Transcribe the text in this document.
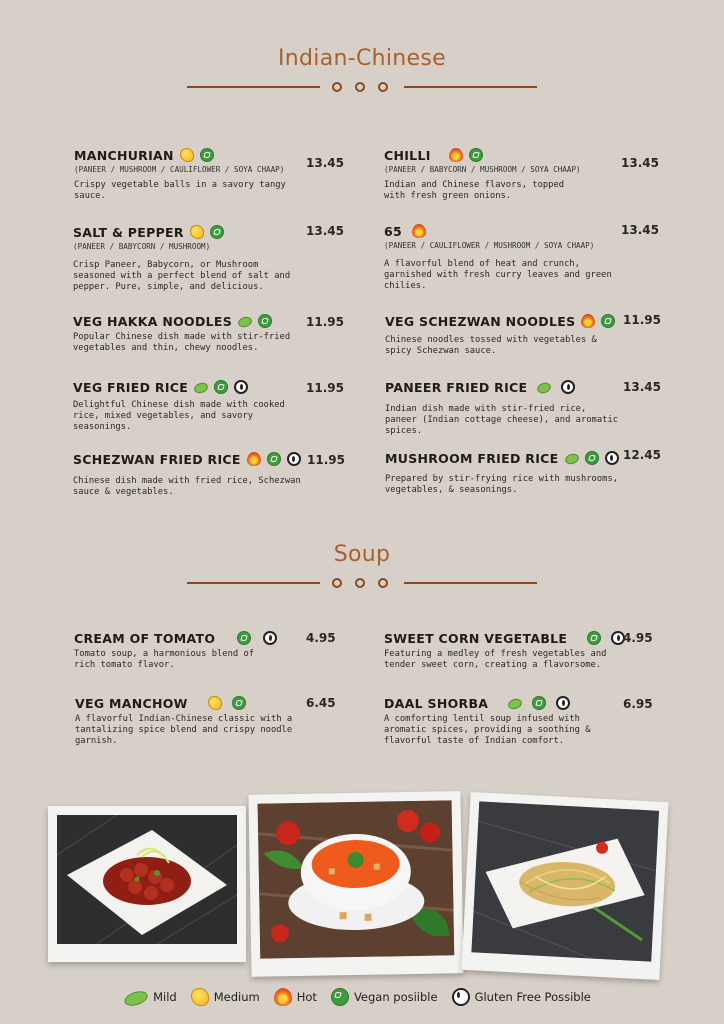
Indian-Chinese
MANCHURIAN
(PANEER / MUSHROOM / CAULIFLOWER / SOYA CHAAP)
Crispy vegetable balls in a savory tangy sauce.
13.45
SALT & PEPPER
(PANEER / BABYCORN / MUSHROOM)
Crisp Paneer, Babycorn, or Mushroom seasoned with a perfect blend of salt and pepper. Pure, simple, and delicious.
13.45
VEG HAKKA NOODLES
Popular Chinese dish made with stir-fried vegetables and thin, chewy noodles.
11.95
VEG FRIED RICE
Delightful Chinese dish made with cooked rice, mixed vegetables, and savory seasonings.
11.95
SCHEZWAN FRIED RICE
Chinese dish made with fried rice, Schezwan sauce & vegetables.
11.95
CHILLI
(PANEER / BABYCORN / MUSHROOM / SOYA CHAAP)
Indian and Chinese flavors, topped with fresh green onions.
13.45
65
(PANEER / CAULIFLOWER / MUSHROOM / SOYA CHAAP)
A flavorful blend of heat and crunch, garnished with fresh curry leaves and green chilies.
13.45
VEG SCHEZWAN NOODLES
Chinese noodles tossed with vegetables & spicy Schezwan sauce.
11.95
PANEER FRIED RICE
Indian dish made with stir-fried rice, paneer (Indian cottage cheese), and aromatic spices.
13.45
MUSHROOM FRIED RICE
Prepared by stir-frying rice with mushrooms, vegetables, & seasonings.
12.45
Soup
CREAM OF TOMATO
Tomato soup, a harmonious blend of rich tomato flavor.
4.95
VEG MANCHOW
A flavorful Indian-Chinese classic with a tantalizing spice blend and crispy noodle garnish.
6.45
SWEET CORN VEGETABLE
Featuring a medley of fresh vegetables and tender sweet corn, creating a flavorsome.
4.95
DAAL SHORBA
A comforting lentil soup infused with aromatic spices, providing a soothing & flavorful taste of Indian comfort.
6.95
Mild	Medium	Hot	Vegan posiible	Gluten Free Possible
